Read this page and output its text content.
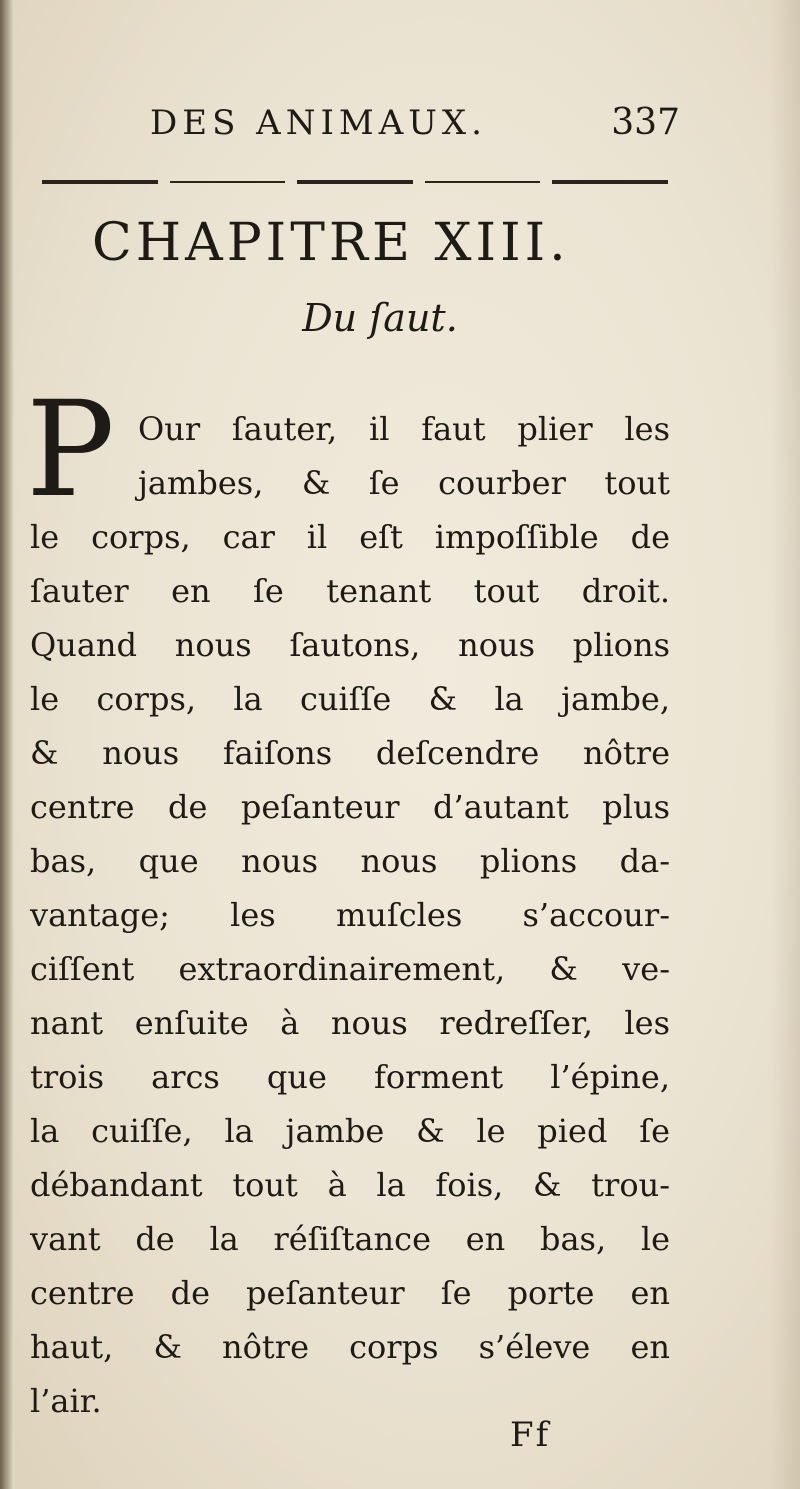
DES ANIMAUX.	337
CHAPITRE XIII.
Du ſaut.
P Our ſauter, il faut plier les
jambes, & ſe courber tout
le corps, car il eſt impoſſible de
ſauter en ſe tenant tout droit.
Quand nous ſautons, nous plions
le corps, la cuiſſe & la jambe,
& nous faiſons deſcendre nôtre
centre de peſanteur d’autant plus
bas, que nous nous plions da-
vantage; les muſcles s’accour-
ciſſent extraordinairement, & ve-
nant enſuite à nous redreſſer, les
trois arcs que forment l’épine,
la cuiſſe, la jambe & le pied ſe
débandant tout à la fois, & trou-
vant de la réſiſtance en bas, le
centre de peſanteur ſe porte en
haut, & nôtre corps s’éleve en
l’air.
Ff
